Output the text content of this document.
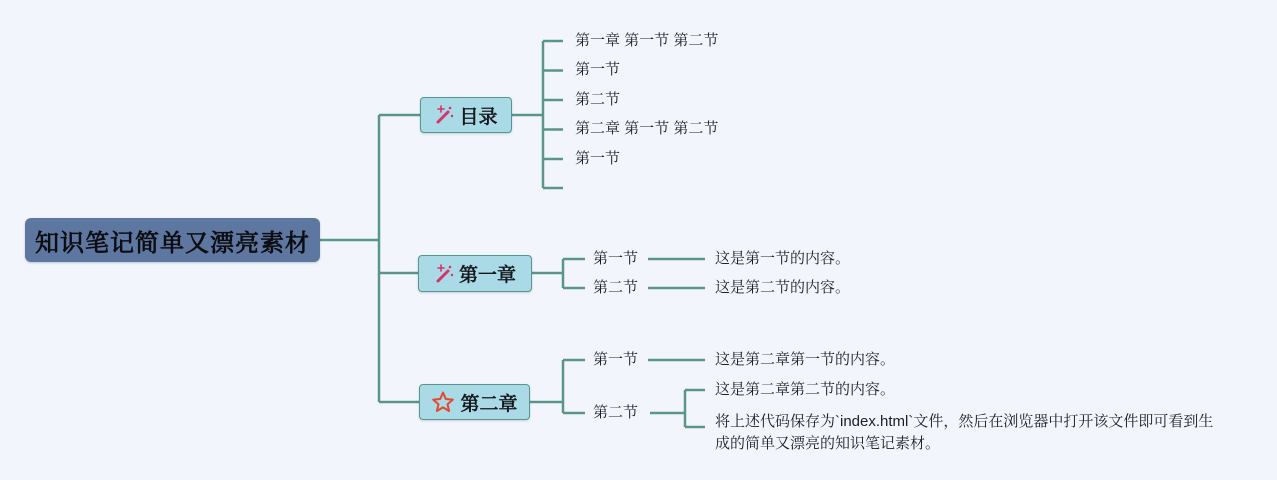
知识笔记简单又漂亮素材
目录
第一章
第二章
第一章 第一节 第二节
第一节
第二节
第二章 第一节 第二节
第一节
第一节
第二节
这是第一节的内容。
这是第二节的内容。
第一节
第二节
这是第二章第一节的内容。
这是第二章第二节的内容。
将上述代码保存为`index.html`文件，然后在浏览器中打开该文件即可看到生成的简单又漂亮的知识笔记素材。
